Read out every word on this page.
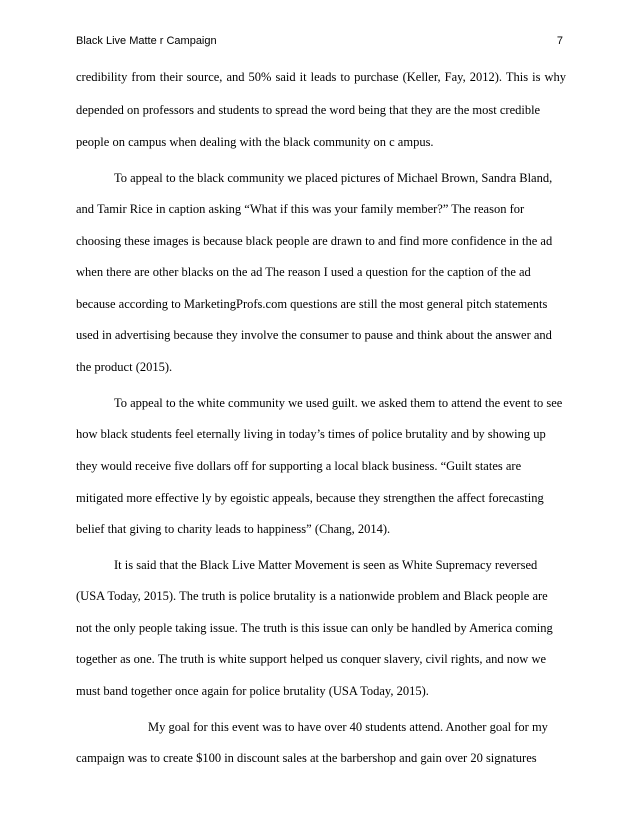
Black Live Matte r Campaign	7
credibility from their source, and 50% said it leads to purchase (Keller, Fay, 2012). This is why
depended on professors and students to spread the word being that they are the most credible
people on campus when dealing with the black community on c ampus.
To appeal to the black community we placed pictures of Michael Brown, Sandra Bland,
and Tamir Rice in caption asking “What if this was your family member?” The reason for
choosing these images is because black people are drawn to and find more confidence in the ad
when there are other blacks on the ad The reason I used a question for the caption of the ad
because according to MarketingProfs.com questions are still the most general pitch statements
used in advertising because they involve the consumer to pause and think about the answer and
the product (2015).
To appeal to the white community we used guilt. we asked them to attend the event to see
how black students feel eternally living in today’s times of police brutality and by showing up
they would receive five dollars off for supporting a local black business. “Guilt states are
mitigated more effective ly by egoistic appeals, because they strengthen the affect forecasting
belief that giving to charity leads to happiness” (Chang, 2014).
It is said that the Black Live Matter Movement is seen as White Supremacy reversed
(USA Today, 2015). The truth is police brutality is a nationwide problem and Black people are
not the only people taking issue. The truth is this issue can only be handled by America coming
together as one. The truth is white support helped us conquer slavery, civil rights, and now we
must band together once again for police brutality (USA Today, 2015).
My goal for this event was to have over 40 students attend. Another goal for my
campaign was to create $100 in discount sales at the barbershop and gain over 20 signatures
